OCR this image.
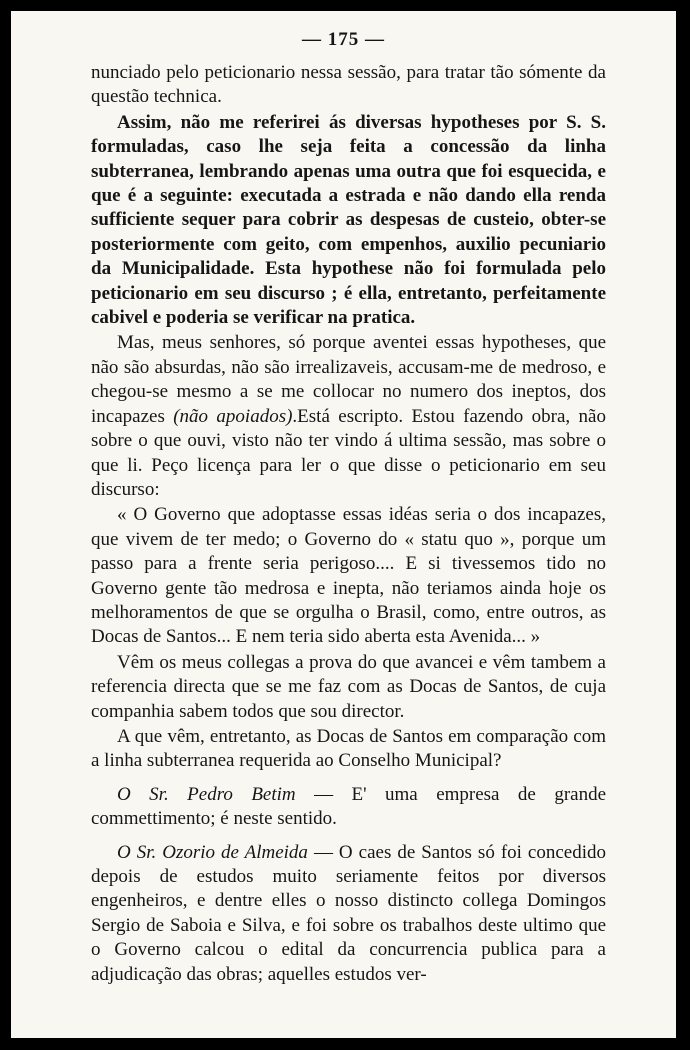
— 175 —

nunciado pelo peticionario nessa sessão, para tratar tão sómente da questão technica.

Assim, não me referirei ás diversas hypotheses por S. S. formuladas, caso lhe seja feita a concessão da linha subterranea, lembrando apenas uma outra que foi esquecida, e que é a seguinte: executada a estrada e não dando ella renda sufficiente sequer para cobrir as despesas de custeio, obter-se posteriormente com geito, com empenhos, auxilio pecuniario da Municipalidade. Esta hypothese não foi formulada pelo peticionario em seu discurso ; é ella, entretanto, perfeitamente cabivel e poderia se verificar na pratica.

Mas, meus senhores, só porque aventei essas hypotheses, que não são absurdas, não são irrealizaveis, accusam-me de medroso, e chegou-se mesmo a se me collocar no numero dos ineptos, dos incapazes (não apoiados).Está escripto. Estou fazendo obra, não sobre o que ouvi, visto não ter vindo á ultima sessão, mas sobre o que li. Peço licença para ler o que disse o peticionario em seu discurso:

« O Governo que adoptasse essas idéas seria o dos incapazes, que vivem de ter medo; o Governo do « statu quo », porque um passo para a frente seria perigoso.... E si tivessemos tido no Governo gente tão medrosa e inepta, não teriamos ainda hoje os melhoramentos de que se orgulha o Brasil, como, entre outros, as Docas de Santos... E nem teria sido aberta esta Avenida... »

Vêm os meus collegas a prova do que avancei e vêm tambem a referencia directa que se me faz com as Docas de Santos, de cuja companhia sabem todos que sou director.

A que vêm, entretanto, as Docas de Santos em comparação com a linha subterranea requerida ao Conselho Municipal?

O Sr. Pedro Betim — E' uma empresa de grande commettimento; é neste sentido.

O Sr. Ozorio de Almeida — O caes de Santos só foi concedido depois de estudos muito seriamente feitos por diversos engenheiros, e dentre elles o nosso distincto collega Domingos Sergio de Saboia e Silva, e foi sobre os trabalhos deste ultimo que o Governo calcou o edital da concurrencia publica para a adjudicação das obras; aquelles estudos ver-
